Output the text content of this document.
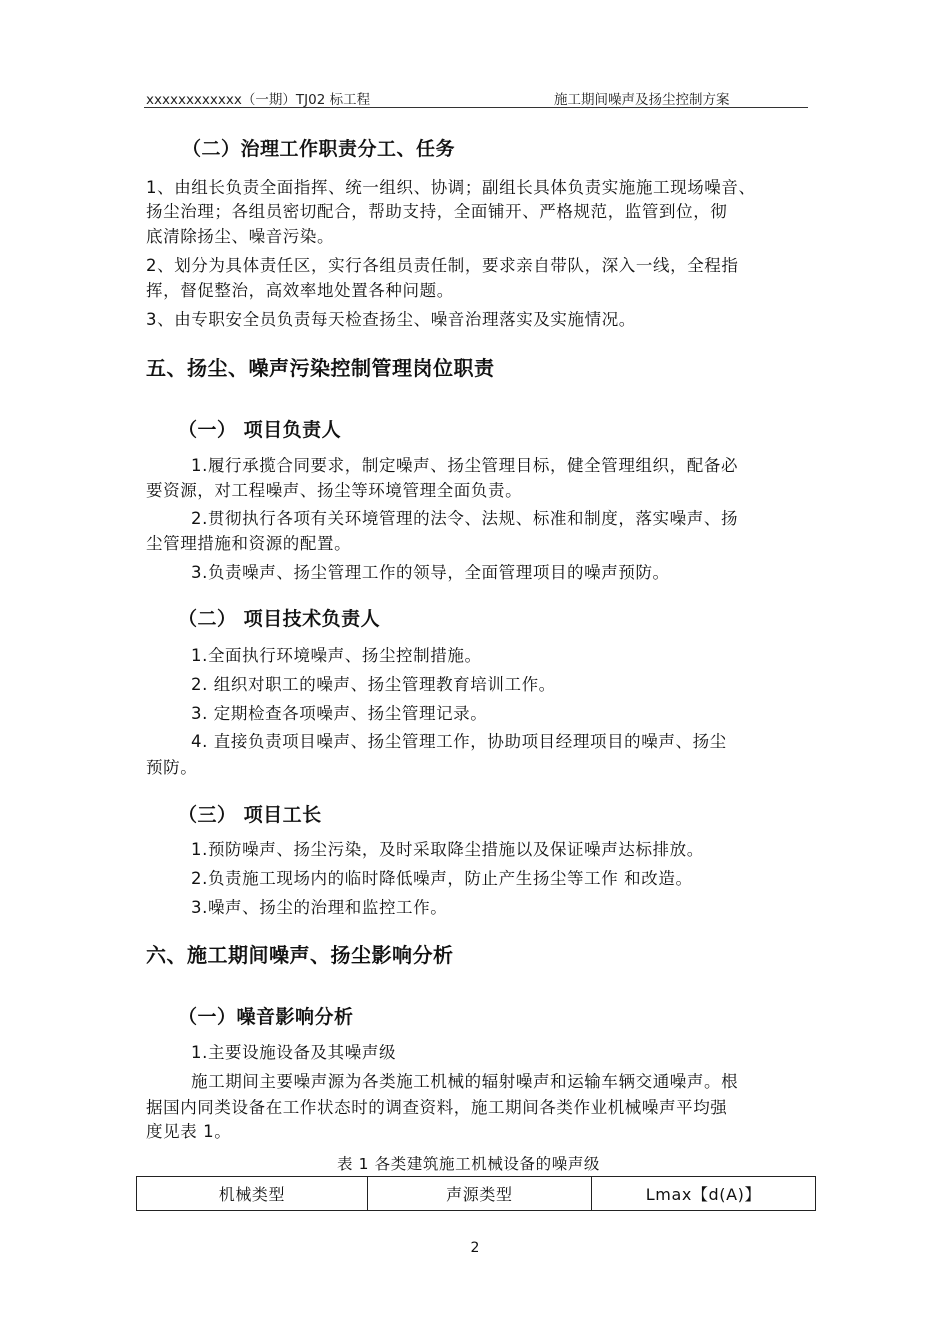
xxxxxxxxxxxx（一期）TJ02 标工程	施工期间噪声及扬尘控制方案
（二）治理工作职责分工、任务
1、由组长负责全面指挥、统一组织、协调；副组长具体负责实施施工现场噪音、
扬尘治理；各组员密切配合，帮助支持，全面铺开、严格规范，监管到位，彻
底清除扬尘、噪音污染。
2、划分为具体责任区，实行各组员责任制，要求亲自带队，深入一线，全程指
挥，督促整治，高效率地处置各种问题。
3、由专职安全员负责每天检查扬尘、噪音治理落实及实施情况。
五、扬尘、噪声污染控制管理岗位职责
（一） 项目负责人
1.履行承揽合同要求，制定噪声、扬尘管理目标，健全管理组织，配备必
要资源，对工程噪声、扬尘等环境管理全面负责。
2.贯彻执行各项有关环境管理的法令、法规、标准和制度，落实噪声、扬
尘管理措施和资源的配置。
3.负责噪声、扬尘管理工作的领导，全面管理项目的噪声预防。
（二） 项目技术负责人
1.全面执行环境噪声、扬尘控制措施。
2. 组织对职工的噪声、扬尘管理教育培训工作。
3. 定期检查各项噪声、扬尘管理记录。
4. 直接负责项目噪声、扬尘管理工作，协助项目经理项目的噪声、扬尘
预防。
（三） 项目工长
1.预防噪声、扬尘污染，及时采取降尘措施以及保证噪声达标排放。
2.负责施工现场内的临时降低噪声，防止产生扬尘等工作 和改造。
3.噪声、扬尘的治理和监控工作。
六、施工期间噪声、扬尘影响分析
（一）噪音影响分析
1.主要设施设备及其噪声级
施工期间主要噪声源为各类施工机械的辐射噪声和运输车辆交通噪声。根
据国内同类设备在工作状态时的调查资料，施工期间各类作业机械噪声平均强
度见表 1。
表 1 各类建筑施工机械设备的噪声级
机械类型	声源类型	Lmax【d(A)】
2
